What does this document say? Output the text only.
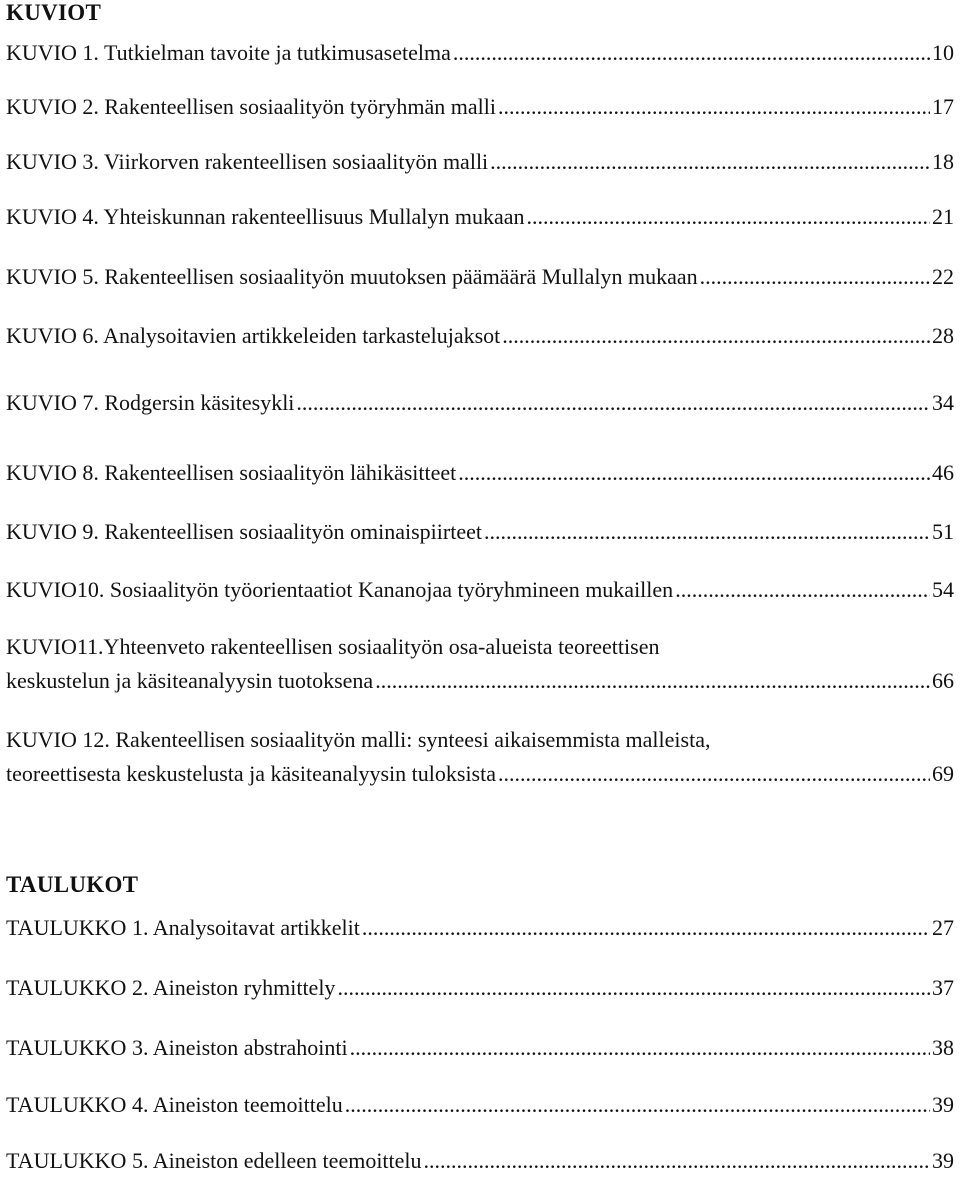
KUVIOT
KUVIO 1. Tutkielman tavoite ja tutkimusasetelma .....	10
KUVIO 2. Rakenteellisen sosiaalityön työryhmän malli .....	17
KUVIO 3. Viirkorven rakenteellisen sosiaalityön malli .....	18
KUVIO 4. Yhteiskunnan rakenteellisuus Mullalyn mukaan .....	21
KUVIO 5. Rakenteellisen sosiaalityön muutoksen päämäärä Mullalyn mukaan .....	22
KUVIO 6. Analysoitavien artikkeleiden tarkastelujaksot .....	28
KUVIO 7. Rodgersin käsitesykli .....	34
KUVIO 8. Rakenteellisen sosiaalityön lähikäsitteet .....	46
KUVIO 9. Rakenteellisen sosiaalityön ominaispiirteet .....	51
KUVIO10. Sosiaalityön työorientaatiot Kananojaa työryhmineen mukaillen .....	54
KUVIO11.Yhteenveto rakenteellisen sosiaalityön osa-alueista teoreettisen
keskustelun ja käsiteanalyysin tuotoksena .....	66
KUVIO 12. Rakenteellisen sosiaalityön malli: synteesi aikaisemmista malleista,
teoreettisesta keskustelusta ja käsiteanalyysin tuloksista .....	69
TAULUKOT
TAULUKKO 1. Analysoitavat artikkelit .....	27
TAULUKKO 2. Aineiston ryhmittely .....	37
TAULUKKO 3. Aineiston abstrahointi .....	38
TAULUKKO 4. Aineiston teemoittelu .....	39
TAULUKKO 5. Aineiston edelleen teemoittelu .....	39
